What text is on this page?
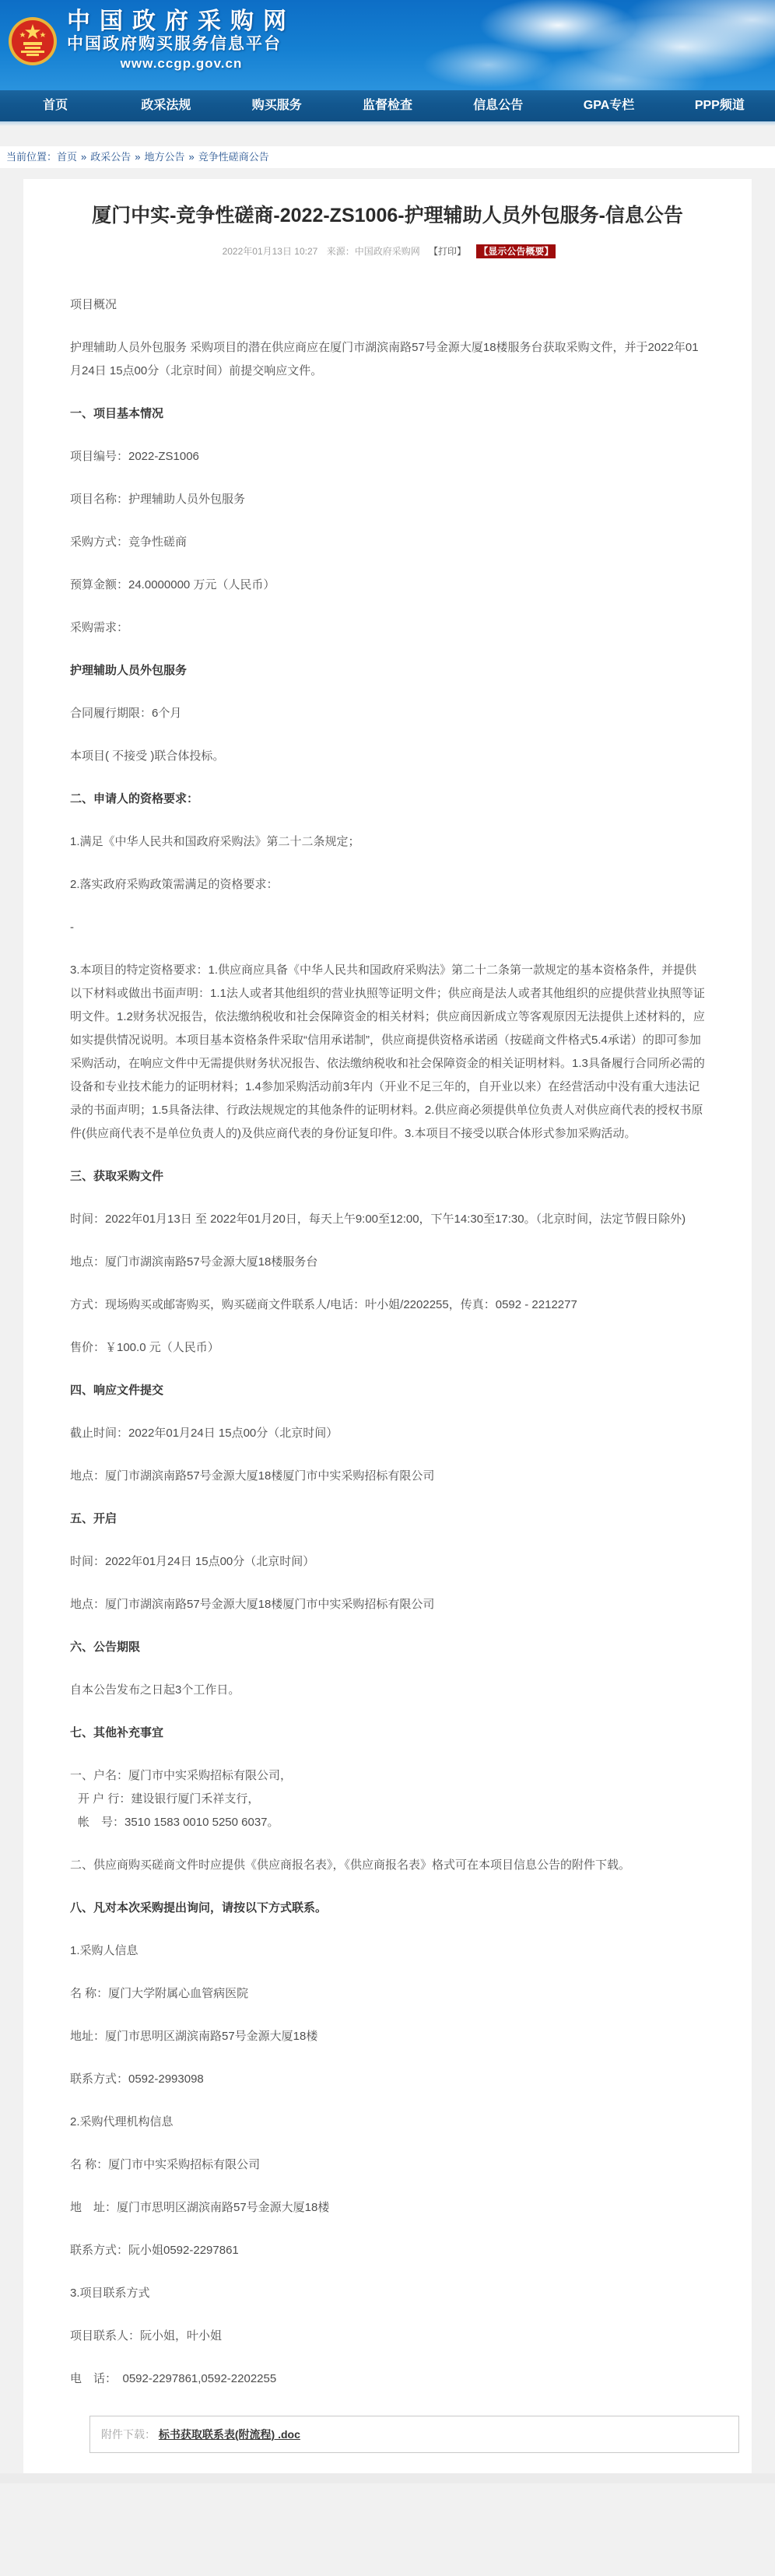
中国政府采购网
中国政府购买服务信息平台
www.ccgp.gov.cn
首页	政采法规	购买服务	监督检查	信息公告	GPA专栏	PPP频道
当前位置：首页 » 政采公告 » 地方公告 » 竞争性磋商公告
厦门中实-竞争性磋商-2022-ZS1006-护理辅助人员外包服务-信息公告
2022年01月13日 10:27 来源：中国政府采购网 【打印】 【显示公告概要】

项目概况

护理辅助人员外包服务 采购项目的潜在供应商应在厦门市湖滨南路57号金源大厦18楼服务台获取采购文件，并于2022年01月24日 15点00分（北京时间）前提交响应文件。

一、项目基本情况

项目编号：2022-ZS1006

项目名称：护理辅助人员外包服务

采购方式：竞争性磋商

预算金额：24.0000000 万元（人民币）

采购需求：

护理辅助人员外包服务

合同履行期限：6个月

本项目( 不接受 )联合体投标。

二、申请人的资格要求：

1.满足《中华人民共和国政府采购法》第二十二条规定；

2.落实政府采购政策需满足的资格要求：

-

3.本项目的特定资格要求：1.供应商应具备《中华人民共和国政府采购法》第二十二条第一款规定的基本资格条件，并提供以下材料或做出书面声明：1.1法人或者其他组织的营业执照等证明文件；供应商是法人或者其他组织的应提供营业执照等证明文件。1.2财务状况报告，依法缴纳税收和社会保障资金的相关材料；供应商因新成立等客观原因无法提供上述材料的，应如实提供情况说明。本项目基本资格条件采取“信用承诺制”，供应商提供资格承诺函（按磋商文件格式5.4承诺）的即可参加采购活动，在响应文件中无需提供财务状况报告、依法缴纳税收和社会保障资金的相关证明材料。1.3具备履行合同所必需的设备和专业技术能力的证明材料；1.4参加采购活动前3年内（开业不足三年的，自开业以来）在经营活动中没有重大违法记录的书面声明；1.5具备法律、行政法规规定的其他条件的证明材料。2.供应商必须提供单位负责人对供应商代表的授权书原件(供应商代表不是单位负责人的)及供应商代表的身份证复印件。3.本项目不接受以联合体形式参加采购活动。

三、获取采购文件

时间：2022年01月13日 至 2022年01月20日，每天上午9:00至12:00，下午14:30至17:30。（北京时间，法定节假日除外)

地点：厦门市湖滨南路57号金源大厦18楼服务台

方式：现场购买或邮寄购买，购买磋商文件联系人/电话：叶小姐/2202255，传真：0592 - 2212277

售价：￥100.0 元（人民币）

四、响应文件提交

截止时间：2022年01月24日 15点00分（北京时间）

地点：厦门市湖滨南路57号金源大厦18楼厦门市中实采购招标有限公司

五、开启

时间：2022年01月24日 15点00分（北京时间）

地点：厦门市湖滨南路57号金源大厦18楼厦门市中实采购招标有限公司

六、公告期限

自本公告发布之日起3个工作日。

七、其他补充事宜

一、户名：厦门市中实采购招标有限公司，

开 户 行：建设银行厦门禾祥支行，

帐　号：3510 1583 0010 5250 6037。

二、供应商购买磋商文件时应提供《供应商报名表》，《供应商报名表》格式可在本项目信息公告的附件下载。

八、凡对本次采购提出询问，请按以下方式联系。

1.采购人信息

名 称：厦门大学附属心血管病医院

地址：厦门市思明区湖滨南路57号金源大厦18楼

联系方式：0592-2993098

2.采购代理机构信息

名 称：厦门市中实采购招标有限公司

地　址：厦门市思明区湖滨南路57号金源大厦18楼

联系方式：阮小姐0592-2297861

3.项目联系方式

项目联系人：阮小姐，叶小姐

电　话：　0592-2297861,0592-2202255

附件下载： 标书获取联系表(附流程) .doc
